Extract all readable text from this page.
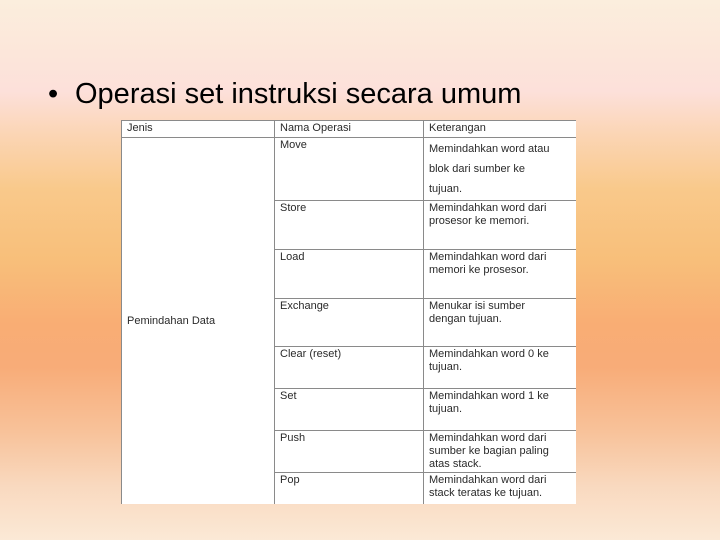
• Operasi set instruksi secara umum
Jenis	Nama Operasi	Keterangan
Pemindahan Data	Move	Memindahkan word atau
blok dari sumber ke
tujuan.

	Store	Memindahkan word dari
prosesor ke memori.

	Load	Memindahkan word dari
memori ke prosesor.

	Exchange	Menukar isi sumber
dengan tujuan.

	Clear (reset)	Memindahkan word 0 ke
tujuan.

	Set	Memindahkan word 1 ke
tujuan.

	Push	Memindahkan word dari
sumber ke bagian paling
atas stack.

	Pop	Memindahkan word dari
stack teratas ke tujuan.
